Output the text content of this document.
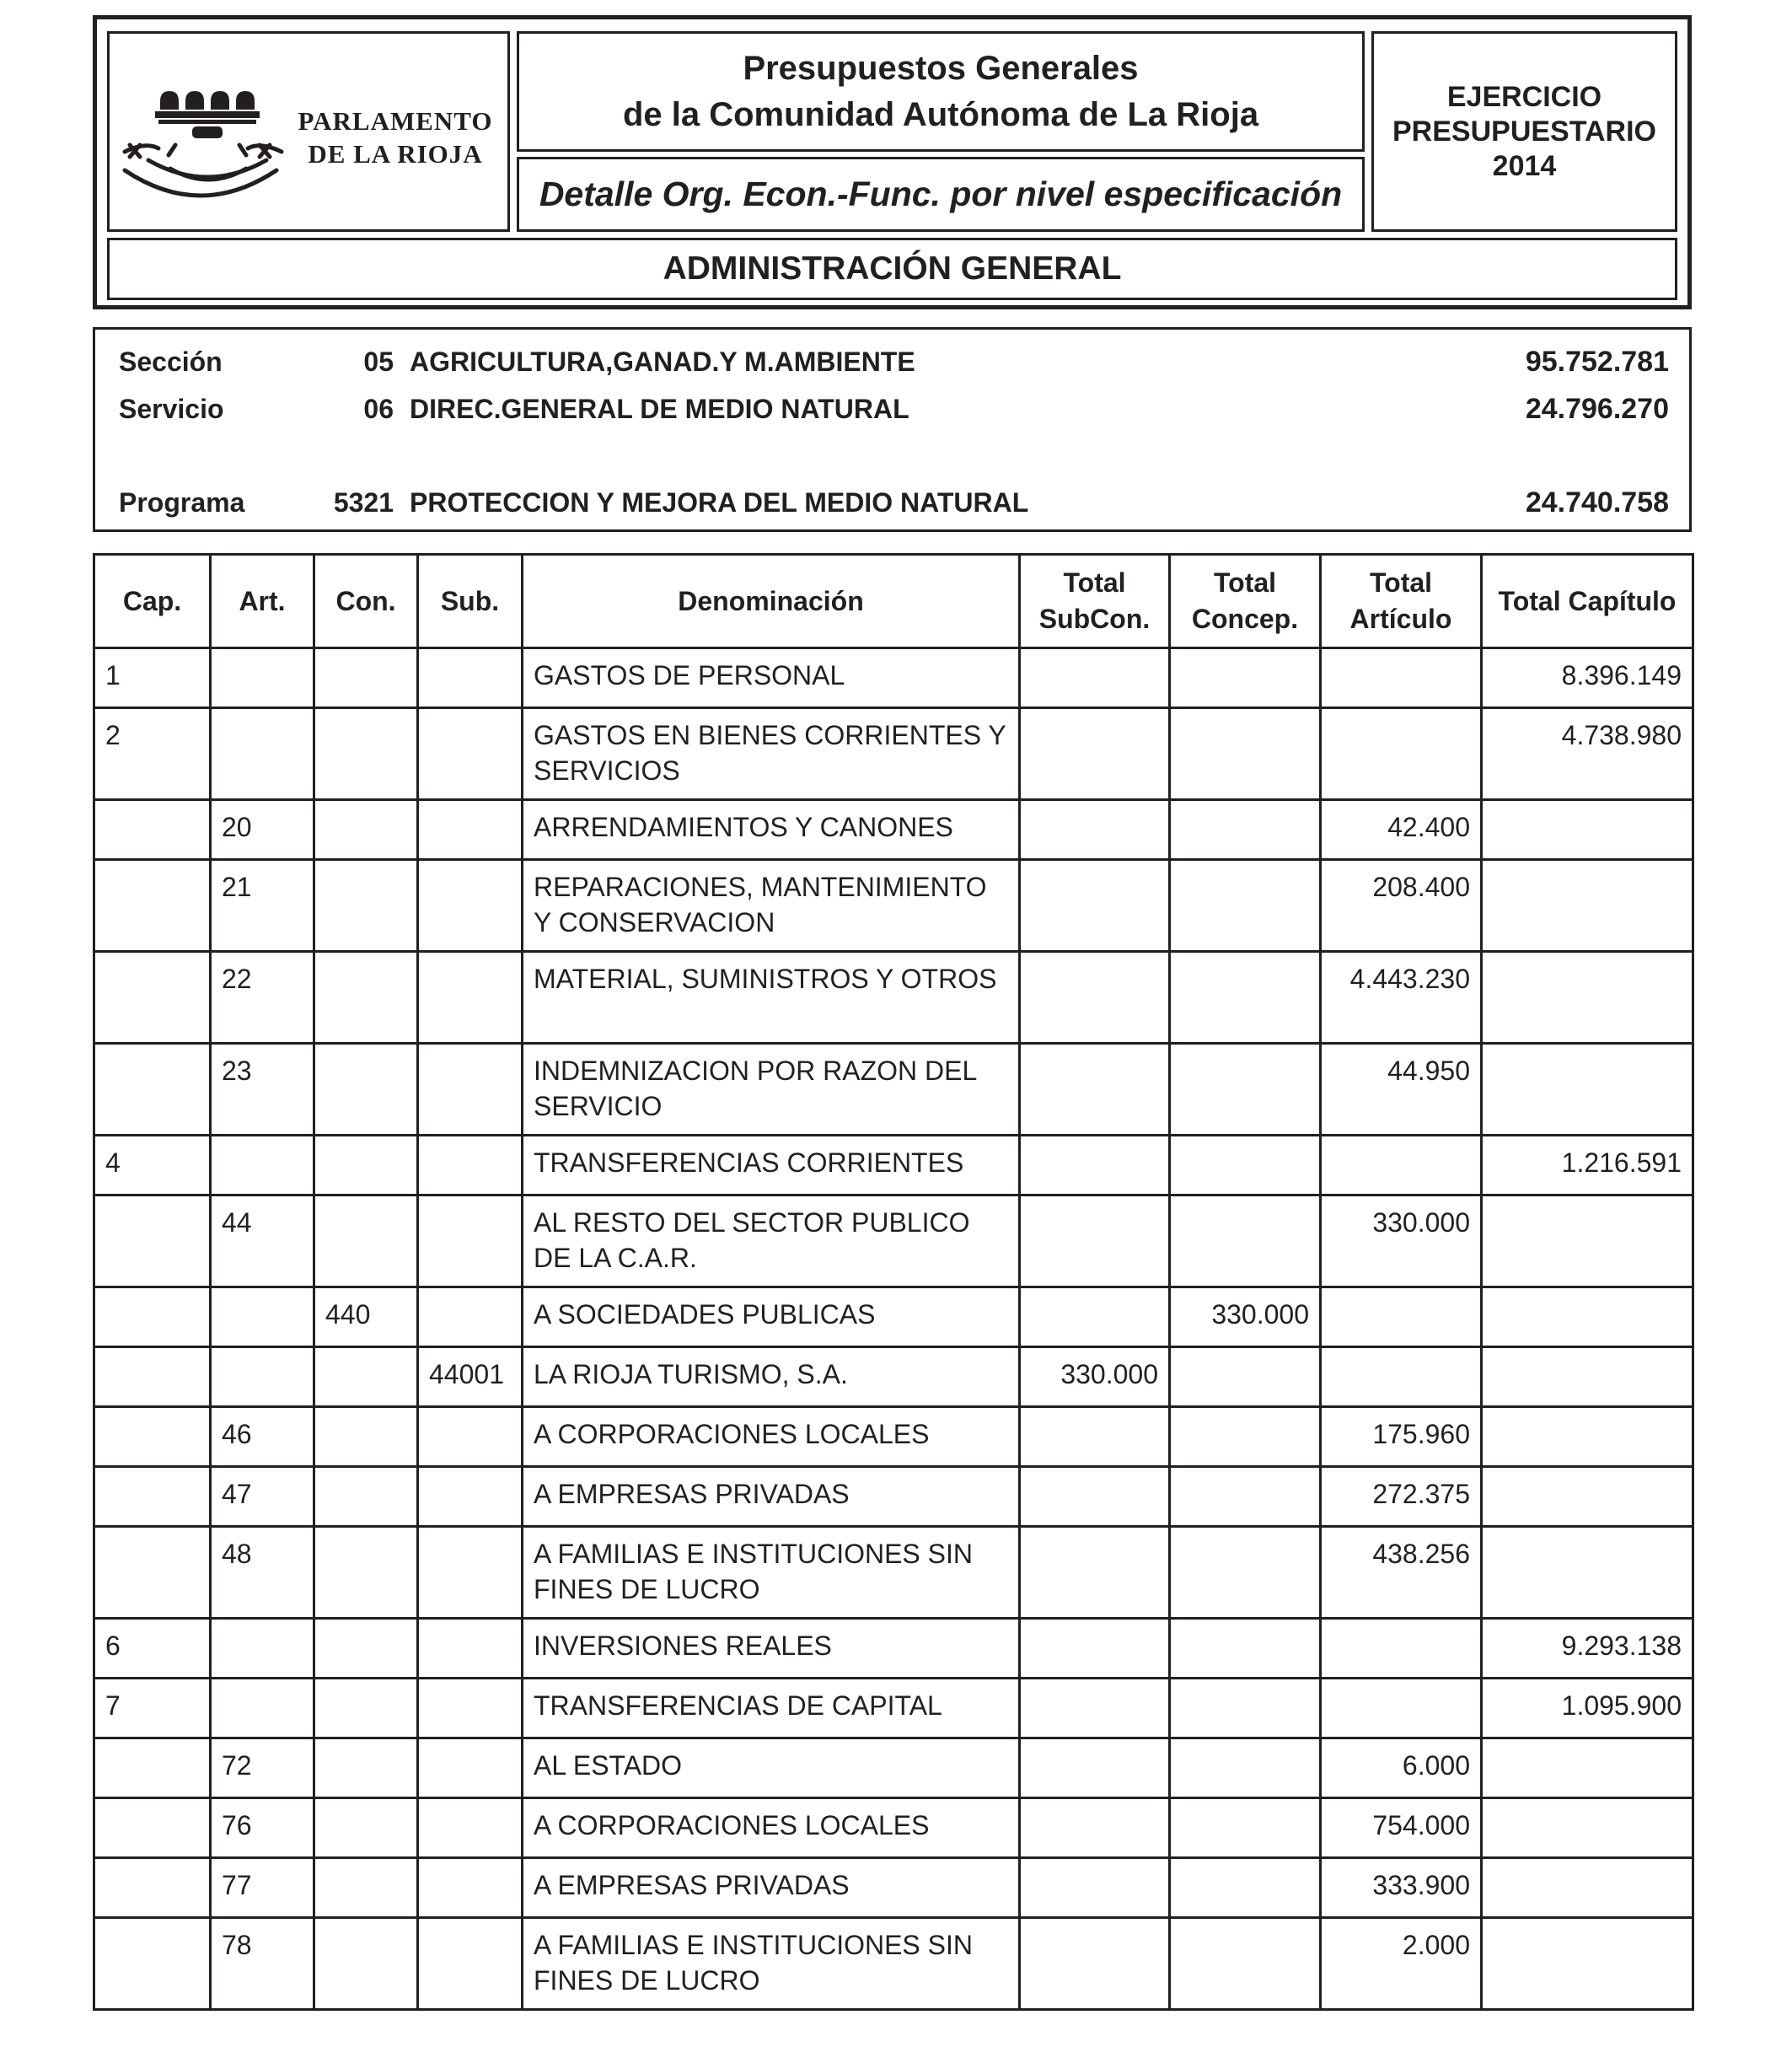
PARLAMENTO
DE LA RIOJA
Presupuestos Generales
de la Comunidad Autónoma de La Rioja
Detalle Org. Econ.-Func. por nivel especificación
EJERCICIO
PRESUPUESTARIO
2014
ADMINISTRACIÓN GENERAL
Sección	05 AGRICULTURA,GANAD.Y M.AMBIENTE	95.752.781
Servicio	06 DIREC.GENERAL DE MEDIO NATURAL	24.796.270
Programa	5321 PROTECCION Y MEJORA DEL MEDIO NATURAL	24.740.758
Cap.	Art.	Con.	Sub.	Denominación	Total SubCon.	Total Concep.	Total Artículo	Total Capítulo
1				GASTOS DE PERSONAL				8.396.149
2				GASTOS EN BIENES CORRIENTES Y SERVICIOS				4.738.980
	20			ARRENDAMIENTOS Y CANONES			42.400	
	21			REPARACIONES, MANTENIMIENTO Y CONSERVACION			208.400	
	22			MATERIAL, SUMINISTROS Y OTROS			4.443.230	
	23			INDEMNIZACION POR RAZON DEL SERVICIO			44.950	
4				TRANSFERENCIAS CORRIENTES				1.216.591
	44			AL RESTO DEL SECTOR PUBLICO DE LA C.A.R.			330.000	
		440		A SOCIEDADES PUBLICAS		330.000		
			44001	LA RIOJA TURISMO, S.A.	330.000			
	46			A CORPORACIONES LOCALES			175.960	
	47			A EMPRESAS PRIVADAS			272.375	
	48			A FAMILIAS E INSTITUCIONES SIN FINES DE LUCRO			438.256	
6				INVERSIONES REALES				9.293.138
7				TRANSFERENCIAS DE CAPITAL				1.095.900
	72			AL ESTADO			6.000	
	76			A CORPORACIONES LOCALES			754.000	
	77			A EMPRESAS PRIVADAS			333.900	
	78			A FAMILIAS E INSTITUCIONES SIN FINES DE LUCRO			2.000	
